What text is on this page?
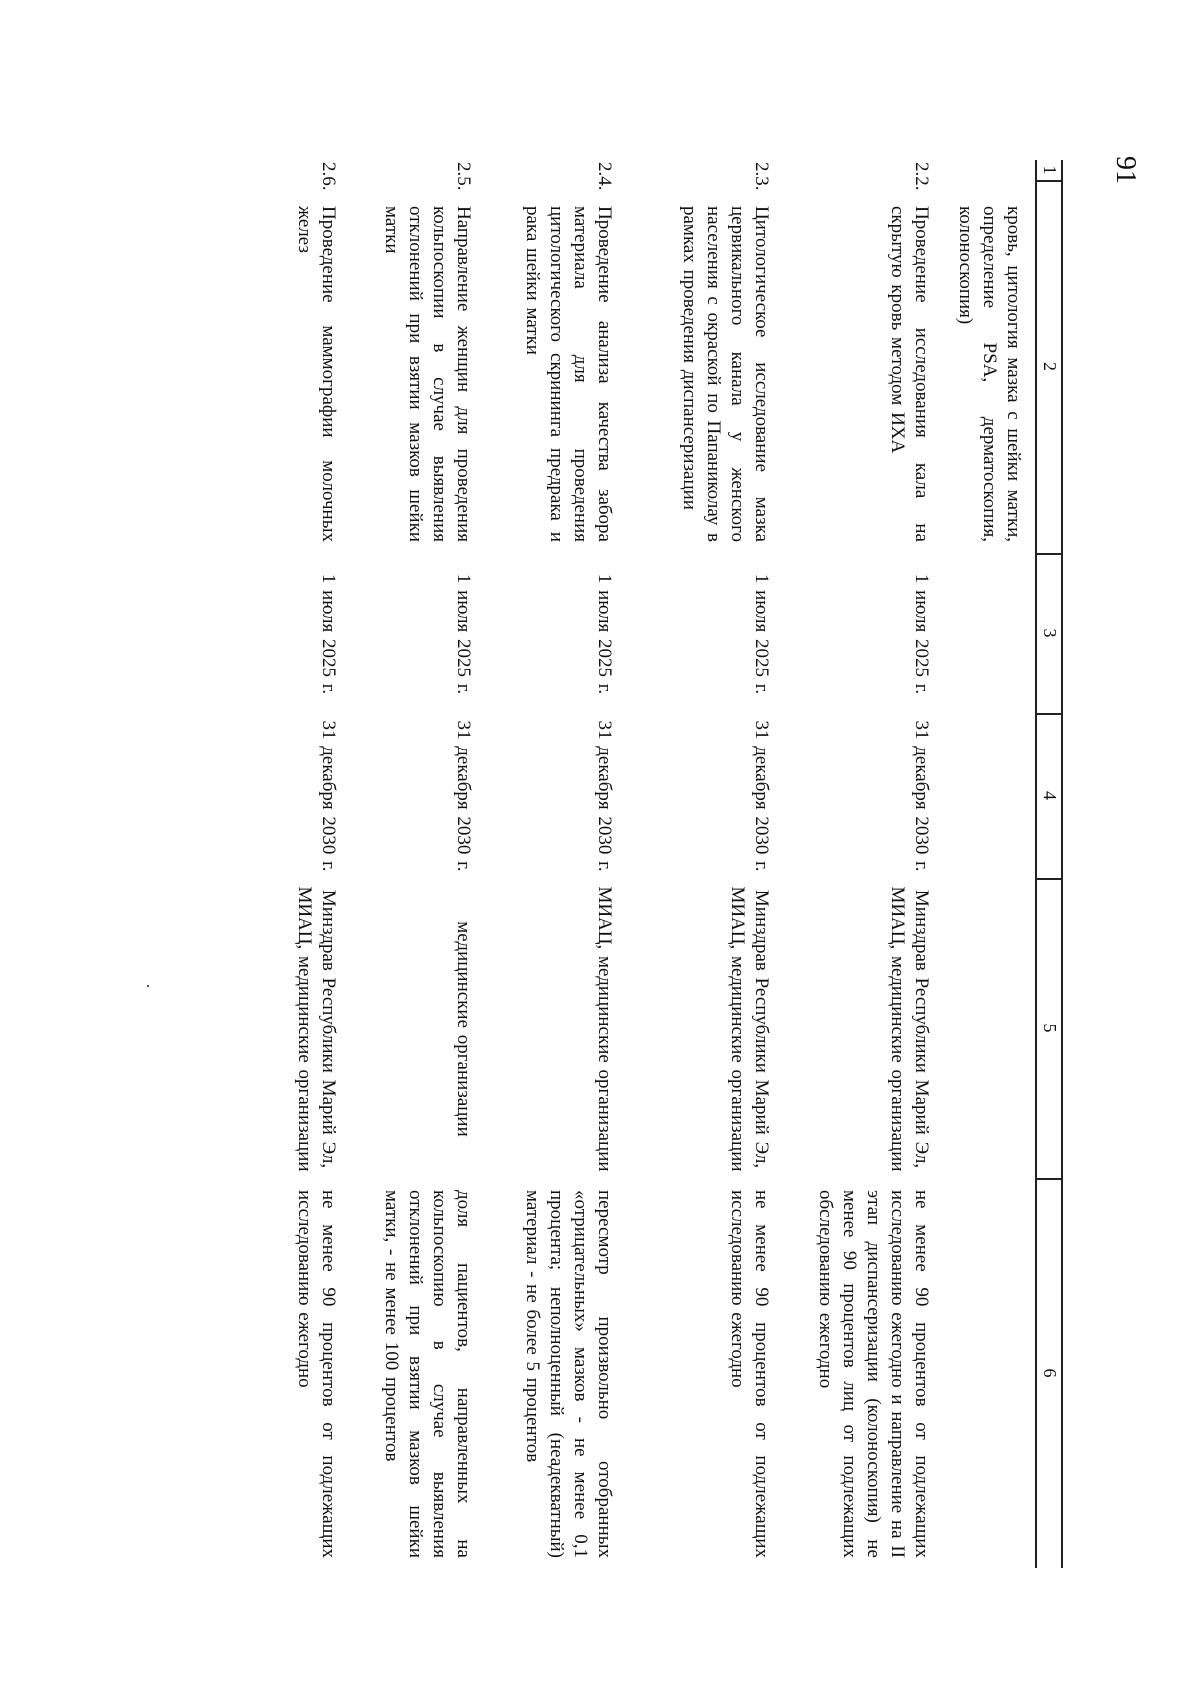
91
1
2
3
4
5
6
кровь, цитология мазка с шейки матки, определение PSA, дерматоскопия, колоноскопия)
2.2.
Проведение исследования кала на скрытую кровь методом ИХА
1 июля 2025 г.
31 декабря 2030 г.
Минздрав Республики Марий Эл, МИАЦ, медицинские организации
не менее 90 процентов от подлежащих исследованию ежегодно и направление на II этап диспансеризации (колоноскопия) не менее 90 процентов лиц от подлежащих обследованию ежегодно
2.3.
Цитологическое исследование мазка цервикального канала у женского населения с окраской по Папаниколау в рамках проведения диспансеризации
1 июля 2025 г.
31 декабря 2030 г.
Минздрав Республики Марий Эл, МИАЦ, медицинские организации
не менее 90 процентов от подлежащих исследованию ежегодно
2.4.
Проведение анализа качества забора материала для проведения цитологического скрининга предрака и рака шейки матки
1 июля 2025 г.
31 декабря 2030 г.
МИАЦ, медицинские организации
пересмотр произвольно отобранных «отрицательных» мазков - не менее 0,1 процента; неполноценный (неадекватный) материал - не более 5 процентов
2.5.
Направление женщин для проведения кольпоскопии в случае выявления отклонений при взятии мазков шейки матки
1 июля 2025 г.
31 декабря 2030 г.
медицинские организации
доля пациентов, направленных на кольпоскопию в случае выявления отклонений при взятии мазков шейки матки, - не менее 100 процентов
2.6.
Проведение маммографии молочных желез
1 июля 2025 г.
31 декабря 2030 г.
Минздрав Республики Марий Эл, МИАЦ, медицинские организации
не менее 90 процентов от подлежащих исследованию ежегодно
